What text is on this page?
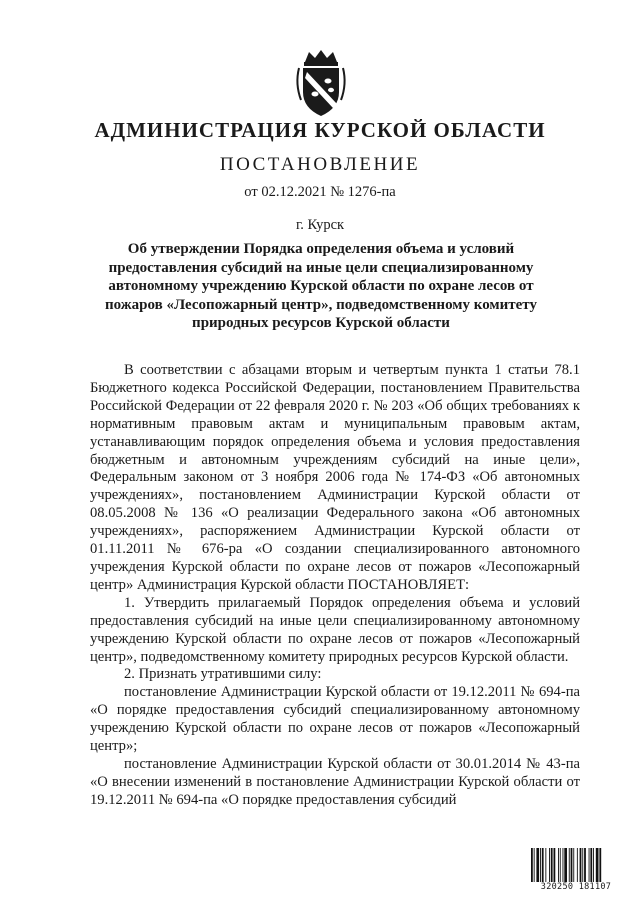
АДМИНИСТРАЦИЯ КУРСКОЙ ОБЛАСТИ
ПОСТАНОВЛЕНИЕ
от 02.12.2021 № 1276-па
г. Курск
Об утверждении Порядка определения объема и условий предоставления субсидий на иные цели специализированному автономному учреждению Курской области по охране лесов от пожаров «Лесопожарный центр», подведомственному комитету природных ресурсов Курской области

В соответствии с абзацами вторым и четвертым пункта 1 статьи 78.1 Бюджетного кодекса Российской Федерации, постановлением Правительства Российской Федерации от 22 февраля 2020 г. № 203 «Об общих требованиях к нормативным правовым актам и муниципальным правовым актам, устанавливающим порядок определения объема и условия предоставления бюджетным и автономным учреждениям субсидий на иные цели», Федеральным законом от 3 ноября 2006 года № 174-ФЗ «Об автономных учреждениях», постановлением Администрации Курской области от 08.05.2008 № 136 «О реализации Федерального закона «Об автономных учреждениях», распоряжением Администрации Курской области от 01.11.2011 № 676-ра «О создании специализированного автономного учреждения Курской области по охране лесов от пожаров «Лесопожарный центр» Администрация Курской области ПОСТАНОВЛЯЕТ:

1. Утвердить прилагаемый Порядок определения объема и условий предоставления субсидий на иные цели специализированному автономному учреждению Курской области по охране лесов от пожаров «Лесопожарный центр», подведомственному комитету природных ресурсов Курской области.

2. Признать утратившими силу:

постановление Администрации Курской области от 19.12.2011 № 694-па «О порядке предоставления субсидий специализированному автономному учреждению Курской области по охране лесов от пожаров «Лесопожарный центр»;

постановление Администрации Курской области от 30.01.2014 № 43-па «О внесении изменений в постановление Администрации Курской области от 19.12.2011 № 694-па «О порядке предоставления субсидий

320250 181107
